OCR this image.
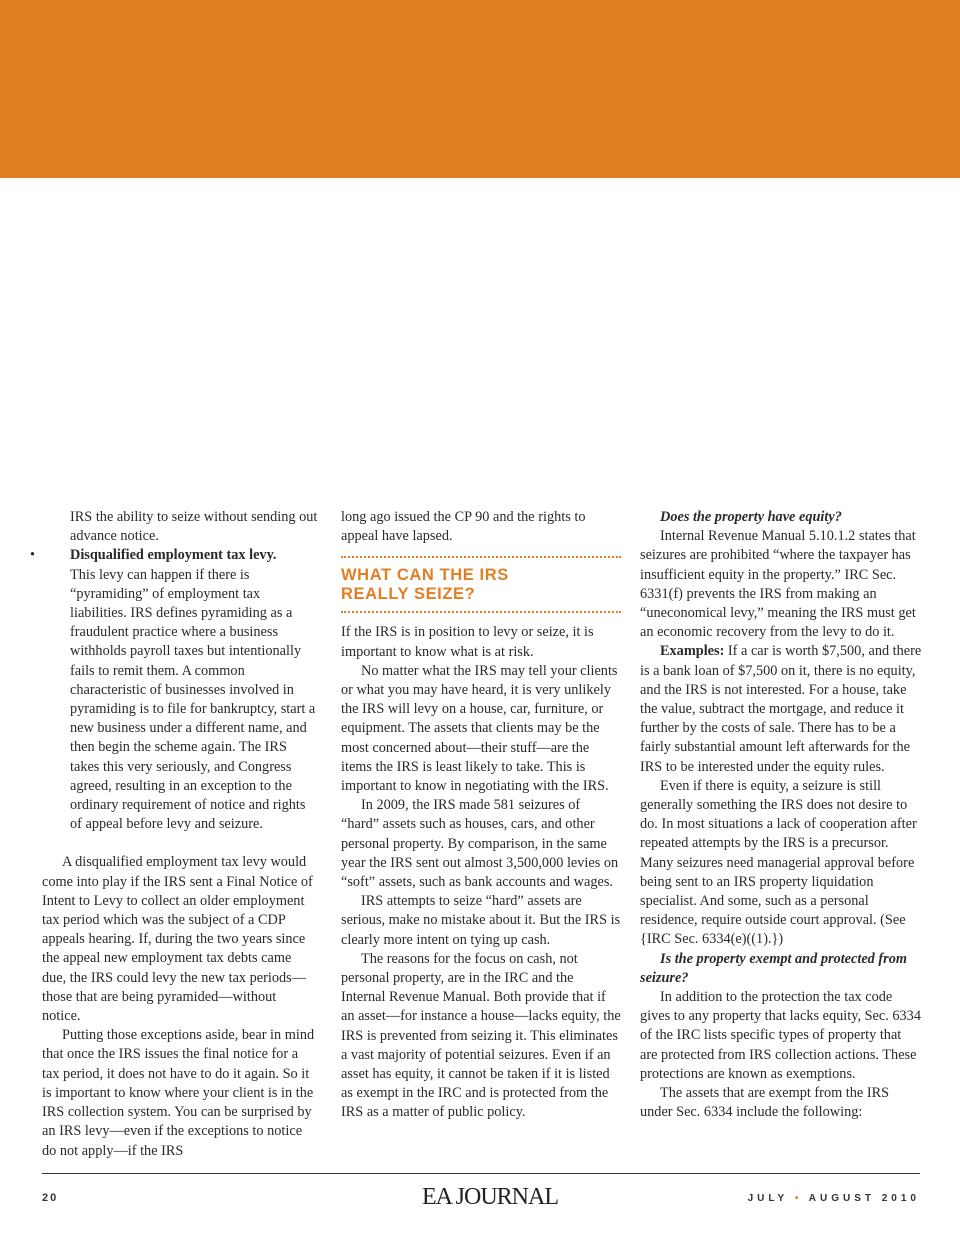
IRS the ability to seize without sending out advance notice.

• Disqualified employment tax levy.

This levy can happen if there is “pyramiding” of employment tax liabilities. IRS defines pyramiding as a fraudulent practice where a business withholds payroll taxes but intentionally fails to remit them. A common characteristic of businesses involved in pyramiding is to file for bankruptcy, start a new business under a different name, and then begin the scheme again. The IRS takes this very seriously, and Congress agreed, resulting in an exception to the ordinary requirement of notice and rights of appeal before levy and seizure.

A disqualified employment tax levy would come into play if the IRS sent a Final Notice of Intent to Levy to collect an older employment tax period which was the subject of a CDP appeals hearing. If, during the two years since the appeal new employment tax debts came due, the IRS could levy the new tax periods—those that are being pyramided—without notice.

Putting those exceptions aside, bear in mind that once the IRS issues the final notice for a tax period, it does not have to do it again. So it is important to know where your client is in the IRS collection system. You can be surprised by an IRS levy—even if the exceptions to notice do not apply—if the IRS

long ago issued the CP 90 and the rights to appeal have lapsed.

WHAT CAN THE IRS
REALLY SEIZE?

If the IRS is in position to levy or seize, it is important to know what is at risk.

No matter what the IRS may tell your clients or what you may have heard, it is very unlikely the IRS will levy on a house, car, furniture, or equipment. The assets that clients may be the most concerned about—their stuff—are the items the IRS is least likely to take. This is important to know in negotiating with the IRS.

In 2009, the IRS made 581 seizures of “hard” assets such as houses, cars, and other personal property. By comparison, in the same year the IRS sent out almost 3,500,000 levies on “soft” assets, such as bank accounts and wages.

IRS attempts to seize “hard” assets are serious, make no mistake about it. But the IRS is clearly more intent on tying up cash.

The reasons for the focus on cash, not personal property, are in the IRC and the Internal Revenue Manual. Both provide that if an asset—for instance a house—lacks equity, the IRS is prevented from seizing it. This eliminates a vast majority of potential seizures. Even if an asset has equity, it cannot be taken if it is listed as exempt in the IRC and is protected from the IRS as a matter of public policy.

Does the property have equity?

Internal Revenue Manual 5.10.1.2 states that seizures are prohibited “where the taxpayer has insufficient equity in the property.” IRC Sec. 6331(f) prevents the IRS from making an “uneconomical levy,” meaning the IRS must get an economic recovery from the levy to do it.

Examples: If a car is worth $7,500, and there is a bank loan of $7,500 on it, there is no equity, and the IRS is not interested. For a house, take the value, subtract the mortgage, and reduce it further by the costs of sale. There has to be a fairly substantial amount left afterwards for the IRS to be interested under the equity rules.

Even if there is equity, a seizure is still generally something the IRS does not desire to do. In most situations a lack of cooperation after repeated attempts by the IRS is a precursor. Many seizures need managerial approval before being sent to an IRS property liquidation specialist. And some, such as a personal residence, require outside court approval. (See {IRC Sec. 6334(e)((1).})

Is the property exempt and protected from seizure?

In addition to the protection the tax code gives to any property that lacks equity, Sec. 6334 of the IRC lists specific types of property that are protected from IRS collection actions. These protections are known as exemptions.

The assets that are exempt from the IRS under Sec. 6334 include the following:

20	EA JOURNAL	JULY • AUGUST 2010
